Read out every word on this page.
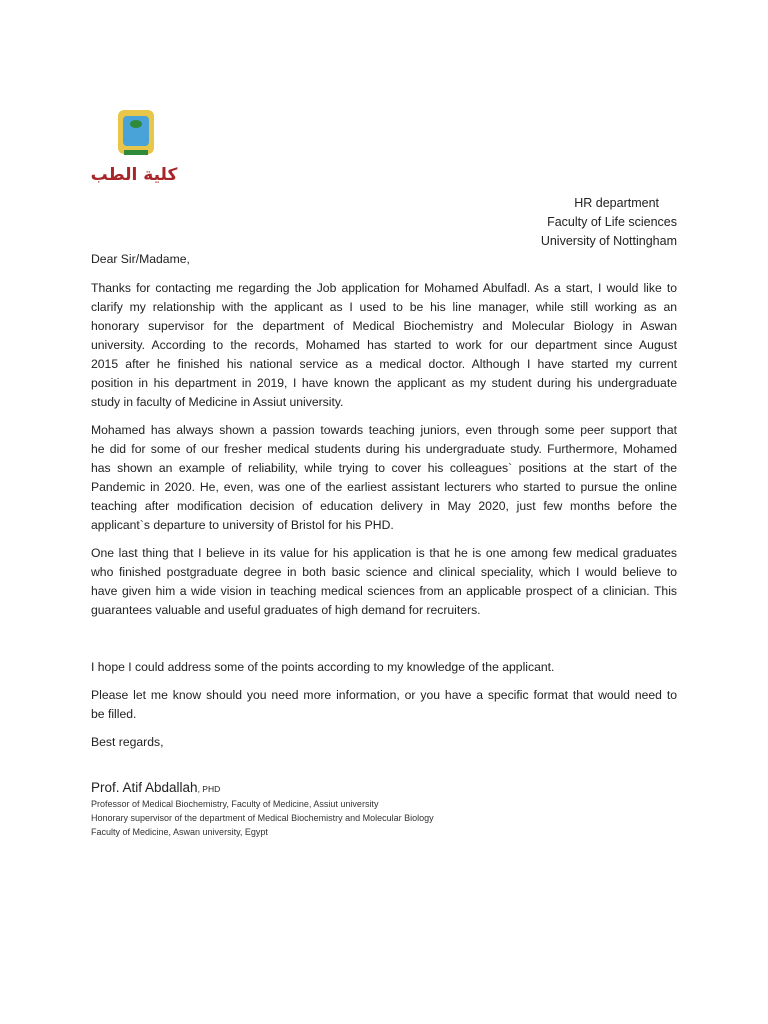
كلية الطب
HR department
Faculty of Life sciences
University of Nottingham
Dear Sir/Madame,
Thanks for contacting me regarding the Job application for Mohamed Abulfadl. As a start, I would like to
clarify my relationship with the applicant as I used to be his line manager, while still working as an
honorary supervisor for the department of Medical Biochemistry and Molecular Biology in Aswan
university. According to the records, Mohamed has started to work for our department since August
2015 after he finished his national service as a medical doctor. Although I have started my current
position in his department in 2019, I have known the applicant as my student during his undergraduate
study in faculty of Medicine in Assiut university.
Mohamed has always shown a passion towards teaching juniors, even through some peer support that
he did for some of our fresher medical students during his undergraduate study. Furthermore, Mohamed
has shown an example of reliability, while trying to cover his colleagues` positions at the start of the
Pandemic in 2020. He, even, was one of the earliest assistant lecturers who started to pursue the online
teaching after modification decision of education delivery in May 2020, just few months before the
applicant`s departure to university of Bristol for his PHD.
One last thing that I believe in its value for his application is that he is one among few medical graduates
who finished postgraduate degree in both basic science and clinical speciality, which I would believe to
have given him a wide vision in teaching medical sciences from an applicable prospect of a clinician. This
guarantees valuable and useful graduates of high demand for recruiters.
I hope I could address some of the points according to my knowledge of the applicant.
Please let me know should you need more information, or you have a specific format that would need to
be filled.
Best regards,
Prof. Atif Abdallah, PHD
Professor of Medical Biochemistry, Faculty of Medicine, Assiut university
Honorary supervisor of the department of Medical Biochemistry and Molecular Biology
Faculty of Medicine, Aswan university, Egypt
